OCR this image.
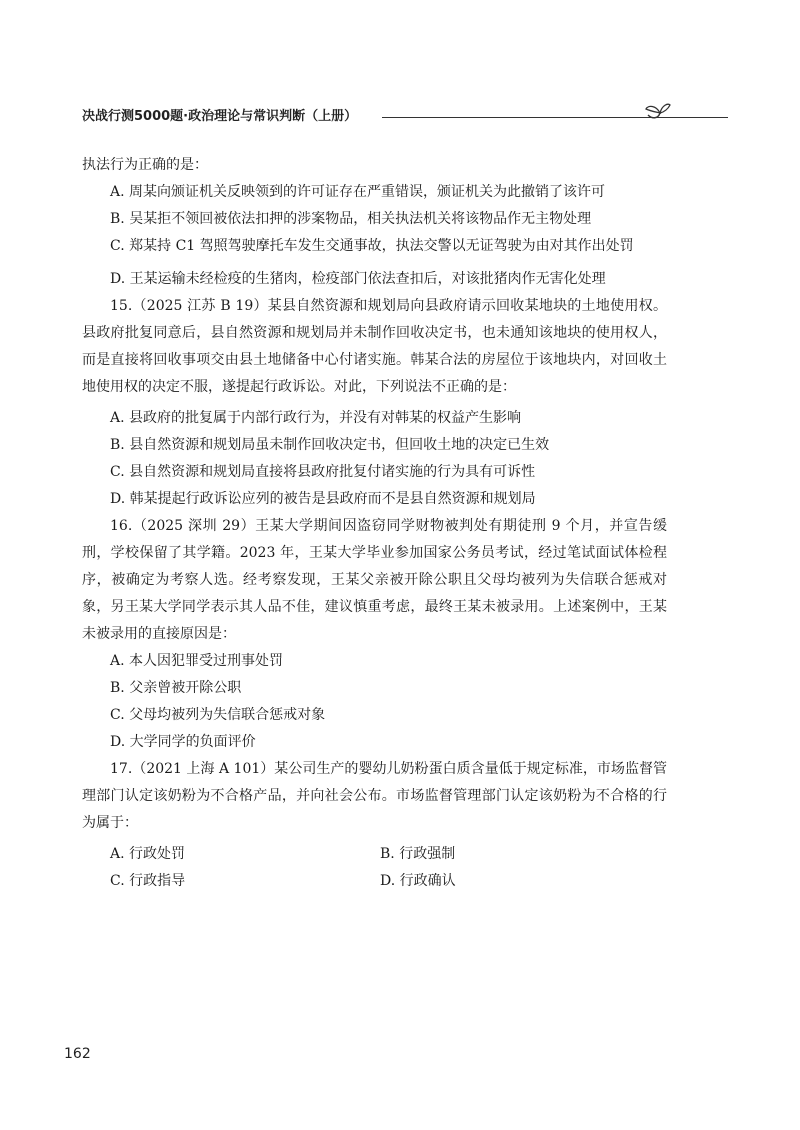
决战行测5000题·政治理论与常识判断（上册）

执法行为正确的是：

A. 周某向颁证机关反映领到的许可证存在严重错误，颁证机关为此撤销了该许可

B. 吴某拒不领回被依法扣押的涉案物品，相关执法机关将该物品作无主物处理

C. 郑某持 C1 驾照驾驶摩托车发生交通事故，执法交警以无证驾驶为由对其作出处罚

D. 王某运输未经检疫的生猪肉，检疫部门依法查扣后，对该批猪肉作无害化处理

15.（2025 江苏 B 19）某县自然资源和规划局向县政府请示回收某地块的土地使用权。县政府批复同意后，县自然资源和规划局并未制作回收决定书，也未通知该地块的使用权人，而是直接将回收事项交由县土地储备中心付诸实施。韩某合法的房屋位于该地块内，对回收土地使用权的决定不服，遂提起行政诉讼。对此，下列说法不正确的是：

A. 县政府的批复属于内部行政行为，并没有对韩某的权益产生影响

B. 县自然资源和规划局虽未制作回收决定书，但回收土地的决定已生效

C. 县自然资源和规划局直接将县政府批复付诸实施的行为具有可诉性

D. 韩某提起行政诉讼应列的被告是县政府而不是县自然资源和规划局

16.（2025 深圳 29）王某大学期间因盗窃同学财物被判处有期徒刑 9 个月，并宣告缓刑，学校保留了其学籍。2023 年，王某大学毕业参加国家公务员考试，经过笔试面试体检程序，被确定为考察人选。经考察发现，王某父亲被开除公职且父母均被列为失信联合惩戒对象，另王某大学同学表示其人品不佳，建议慎重考虑，最终王某未被录用。上述案例中，王某未被录用的直接原因是：

A. 本人因犯罪受过刑事处罚

B. 父亲曾被开除公职

C. 父母均被列为失信联合惩戒对象

D. 大学同学的负面评价

17.（2021 上海 A 101）某公司生产的婴幼儿奶粉蛋白质含量低于规定标准，市场监督管理部门认定该奶粉为不合格产品，并向社会公布。市场监督管理部门认定该奶粉为不合格的行为属于：

A. 行政处罚	B. 行政强制
C. 行政指导	D. 行政确认
162
